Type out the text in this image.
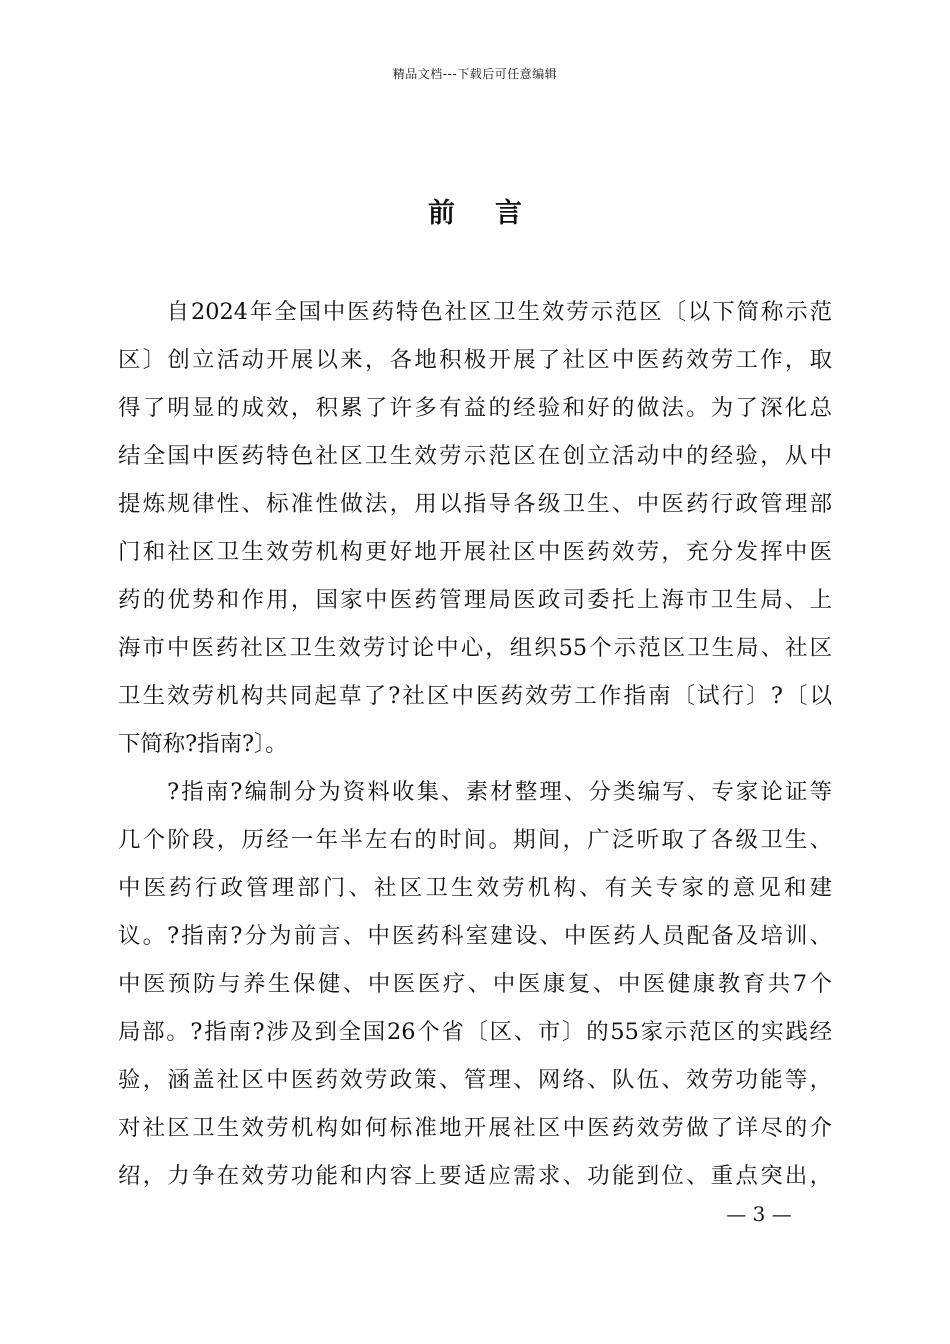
精品文档---下载后可任意编辑
前言
　　自2024年全国中医药特色社区卫生效劳示范区〔以下简称示范
区〕创立活动开展以来，各地积极开展了社区中医药效劳工作，取
得了明显的成效，积累了许多有益的经验和好的做法。为了深化总
结全国中医药特色社区卫生效劳示范区在创立活动中的经验，从中
提炼规律性、标准性做法，用以指导各级卫生、中医药行政管理部
门和社区卫生效劳机构更好地开展社区中医药效劳，充分发挥中医
药的优势和作用，国家中医药管理局医政司委托上海市卫生局、上
海市中医药社区卫生效劳讨论中心，组织55个示范区卫生局、社区
卫生效劳机构共同起草了?社区中医药效劳工作指南〔试行〕?〔以
下简称?指南?〕。
　　?指南?编制分为资料收集、素材整理、分类编写、专家论证等
几个阶段，历经一年半左右的时间。期间，广泛听取了各级卫生、
中医药行政管理部门、社区卫生效劳机构、有关专家的意见和建
议。?指南?分为前言、中医药科室建设、中医药人员配备及培训、
中医预防与养生保健、中医医疗、中医康复、中医健康教育共7个
局部。?指南?涉及到全国26个省〔区、市〕的55家示范区的实践经
验，涵盖社区中医药效劳政策、管理、网络、队伍、效劳功能等，
对社区卫生效劳机构如何标准地开展社区中医药效劳做了详尽的介
绍，力争在效劳功能和内容上要适应需求、功能到位、重点突出，
— 3 —
